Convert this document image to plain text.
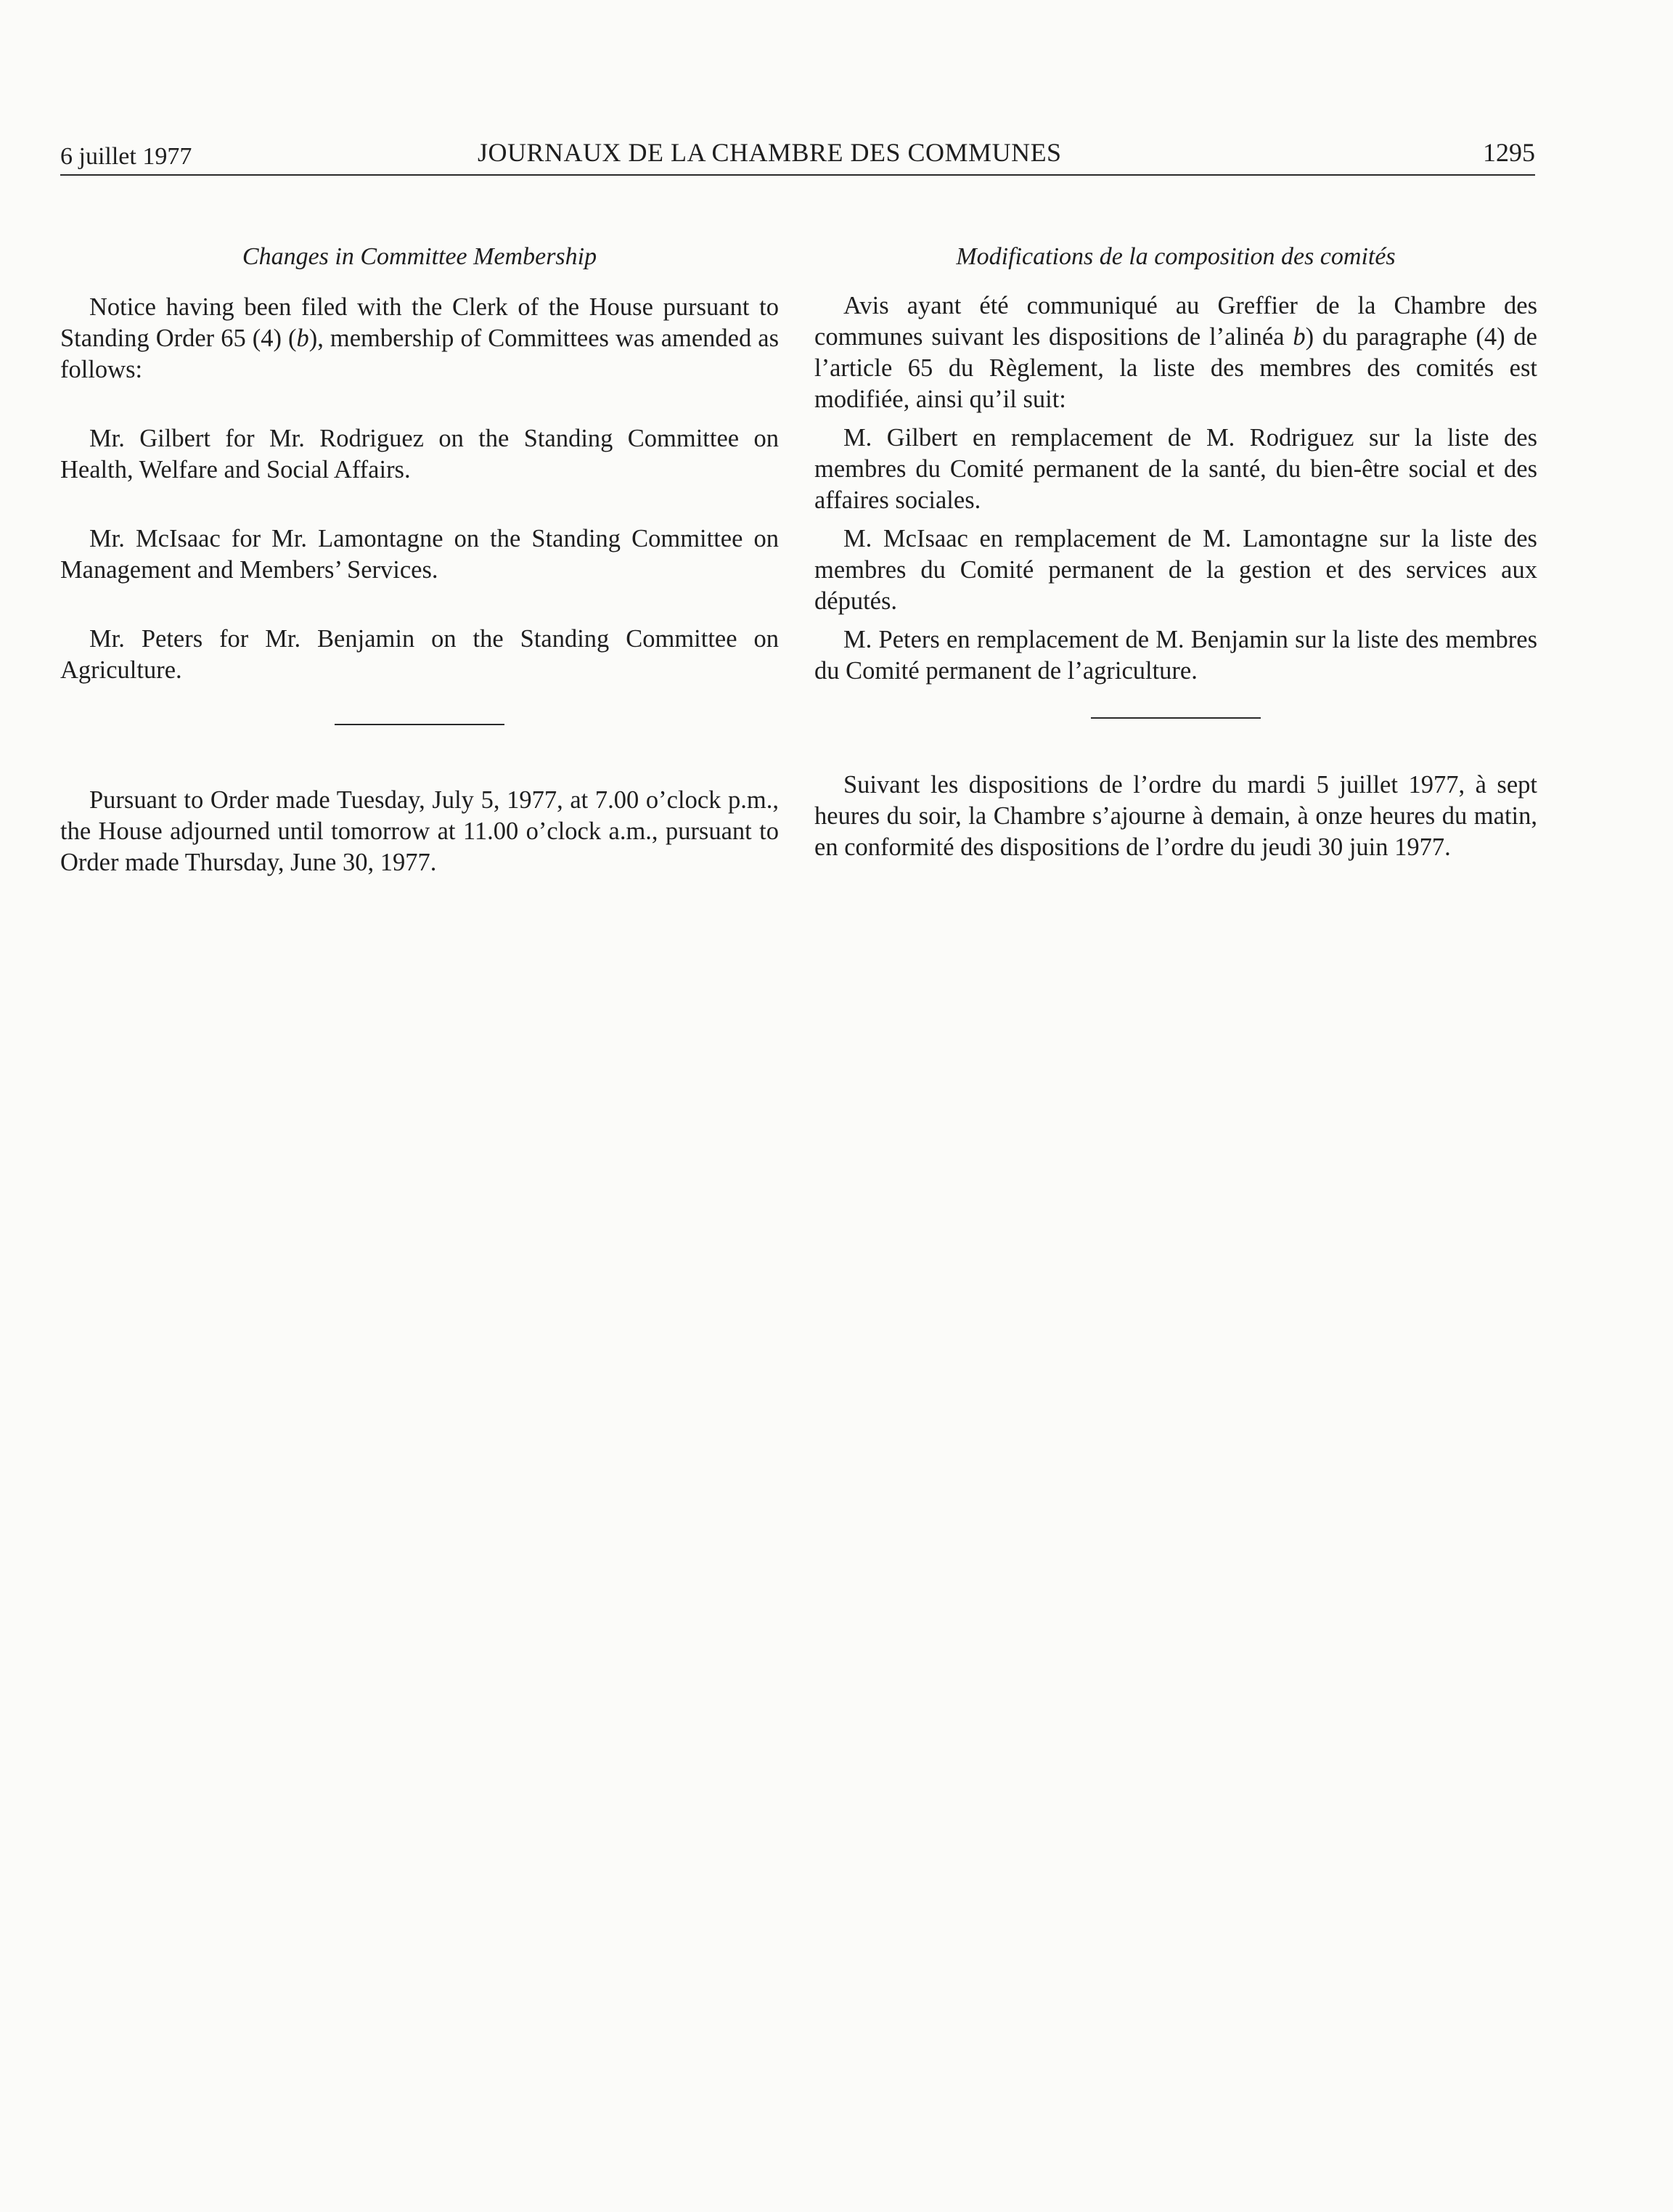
6 juillet 1977	JOURNAUX DE LA CHAMBRE DES COMMUNES	1295
Changes in Committee Membership

Notice having been filed with the Clerk of the House pursuant to Standing Order 65 (4) (b), membership of Committees was amended as follows:

Mr. Gilbert for Mr. Rodriguez on the Standing Committee on Health, Welfare and Social Affairs.

Mr. McIsaac for Mr. Lamontagne on the Standing Committee on Management and Members’ Services.

Mr. Peters for Mr. Benjamin on the Standing Committee on Agriculture.

Pursuant to Order made Tuesday, July 5, 1977, at 7.00 o’clock p.m., the House adjourned until tomorrow at 11.00 o’clock a.m., pursuant to Order made Thursday, June 30, 1977.

Modifications de la composition des comités

Avis ayant été communiqué au Greffier de la Chambre des communes suivant les dispositions de l’alinéa b) du paragraphe (4) de l’article 65 du Règlement, la liste des membres des comités est modifiée, ainsi qu’il suit:

M. Gilbert en remplacement de M. Rodriguez sur la liste des membres du Comité permanent de la santé, du bien-être social et des affaires sociales.

M. McIsaac en remplacement de M. Lamontagne sur la liste des membres du Comité permanent de la gestion et des services aux députés.

M. Peters en remplacement de M. Benjamin sur la liste des membres du Comité permanent de l’agriculture.

Suivant les dispositions de l’ordre du mardi 5 juillet 1977, à sept heures du soir, la Chambre s’ajourne à demain, à onze heures du matin, en conformité des dispositions de l’ordre du jeudi 30 juin 1977.
